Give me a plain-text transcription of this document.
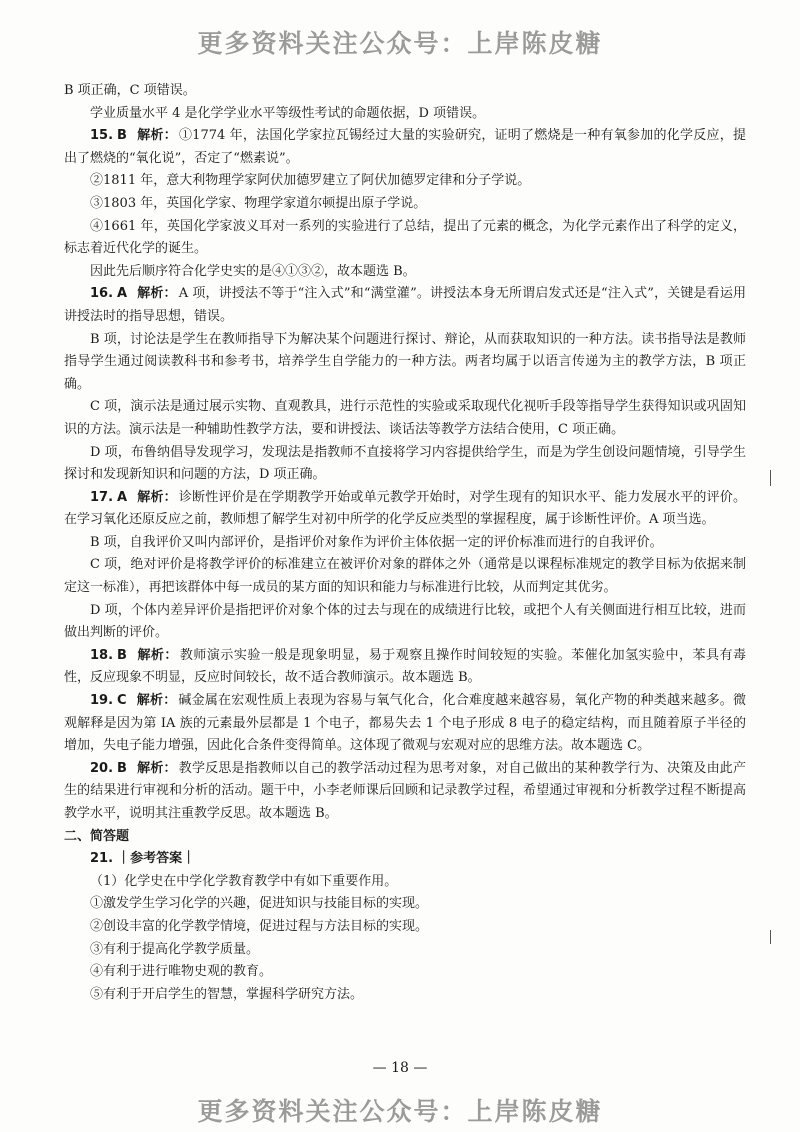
更多资料关注公众号：上岸陈皮糖

B 项正确，C 项错误。

学业质量水平 4 是化学学业水平等级性考试的命题依据，D 项错误。

15. B 解析： ①1774 年，法国化学家拉瓦锡经过大量的实验研究，证明了燃烧是一种有氧参加的化学反应，提出了燃烧的“氧化说”，否定了“燃素说”。

②1811 年，意大利物理学家阿伏加德罗建立了阿伏加德罗定律和分子学说。

③1803 年，英国化学家、物理学家道尔顿提出原子学说。

④1661 年，英国化学家波义耳对一系列的实验进行了总结，提出了元素的概念，为化学元素作出了科学的定义，标志着近代化学的诞生。

因此先后顺序符合化学史实的是④①③②，故本题选 B。

16. A 解析： A 项，讲授法不等于“注入式”和“满堂灌”。讲授法本身无所谓启发式还是“注入式”，关键是看运用讲授法时的指导思想，错误。

B 项，讨论法是学生在教师指导下为解决某个问题进行探讨、辩论，从而获取知识的一种方法。读书指导法是教师指导学生通过阅读教科书和参考书，培养学生自学能力的一种方法。两者均属于以语言传递为主的教学方法，B 项正确。

C 项，演示法是通过展示实物、直观教具，进行示范性的实验或采取现代化视听手段等指导学生获得知识或巩固知识的方法。演示法是一种辅助性教学方法，要和讲授法、谈话法等教学方法结合使用，C 项正确。

D 项，布鲁纳倡导发现学习，发现法是指教师不直接将学习内容提供给学生，而是为学生创设问题情境，引导学生探讨和发现新知识和问题的方法，D 项正确。

17. A 解析： 诊断性评价是在学期教学开始或单元教学开始时，对学生现有的知识水平、能力发展水平的评价。在学习氧化还原反应之前，教师想了解学生对初中所学的化学反应类型的掌握程度，属于诊断性评价。A 项当选。

B 项，自我评价又叫内部评价，是指评价对象作为评价主体依据一定的评价标准而进行的自我评价。

C 项，绝对评价是将教学评价的标准建立在被评价对象的群体之外（通常是以课程标准规定的教学目标为依据来制定这一标准），再把该群体中每一成员的某方面的知识和能力与标准进行比较，从而判定其优劣。

D 项，个体内差异评价是指把评价对象个体的过去与现在的成绩进行比较，或把个人有关侧面进行相互比较，进而做出判断的评价。

18. B 解析： 教师演示实验一般是现象明显，易于观察且操作时间较短的实验。苯催化加氢实验中，苯具有毒性，反应现象不明显，反应时间较长，故不适合教师演示。故本题选 B。

19. C 解析： 碱金属在宏观性质上表现为容易与氧气化合，化合难度越来越容易，氧化产物的种类越来越多。微观解释是因为第 IA 族的元素最外层都是 1 个电子，都易失去 1 个电子形成 8 电子的稳定结构，而且随着原子半径的增加，失电子能力增强，因此化合条件变得简单。这体现了微观与宏观对应的思维方法。故本题选 C。

20. B 解析： 教学反思是指教师以自己的教学活动过程为思考对象，对自己做出的某种教学行为、决策及由此产生的结果进行审视和分析的活动。题干中，小李老师课后回顾和记录教学过程，希望通过审视和分析教学过程不断提高教学水平，说明其注重教学反思。故本题选 B。

二、简答题

21. ｜参考答案｜

（1）化学史在中学化学教育教学中有如下重要作用。

①激发学生学习化学的兴趣，促进知识与技能目标的实现。

②创设丰富的化学教学情境，促进过程与方法目标的实现。

③有利于提高化学教学质量。

④有利于进行唯物史观的教育。

⑤有利于开启学生的智慧，掌握科学研究方法。

— 18 —
更多资料关注公众号：上岸陈皮糖
